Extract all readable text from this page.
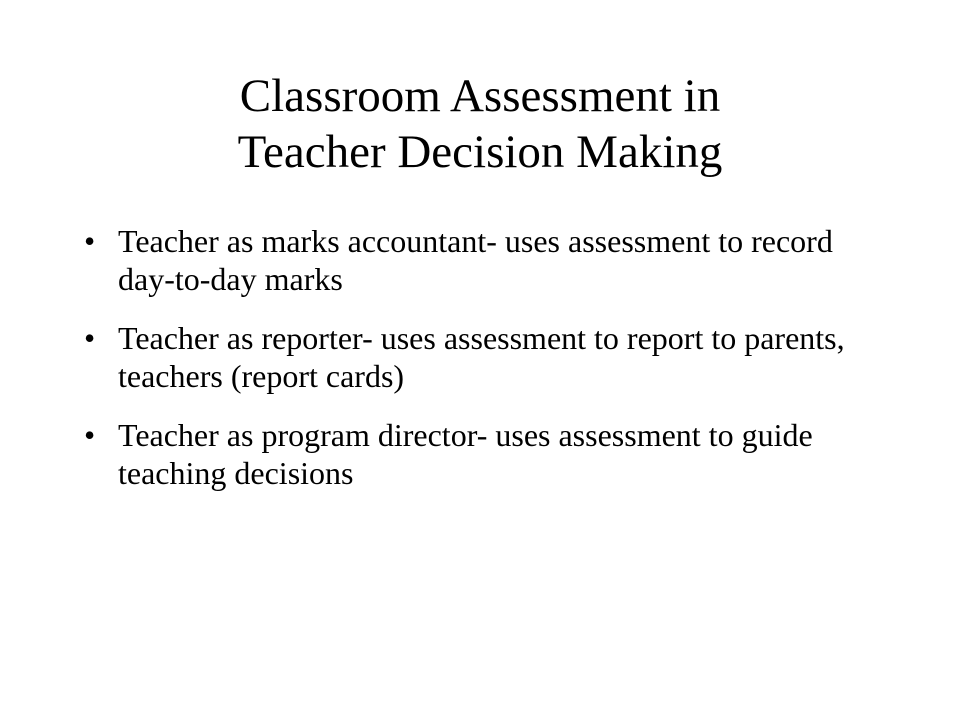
Classroom Assessment in
Teacher Decision Making
• Teacher as marks accountant- uses assessment to record day-to-day marks
• Teacher as reporter- uses assessment to report to parents, teachers (report cards)
• Teacher as program director- uses assessment to guide teaching decisions
